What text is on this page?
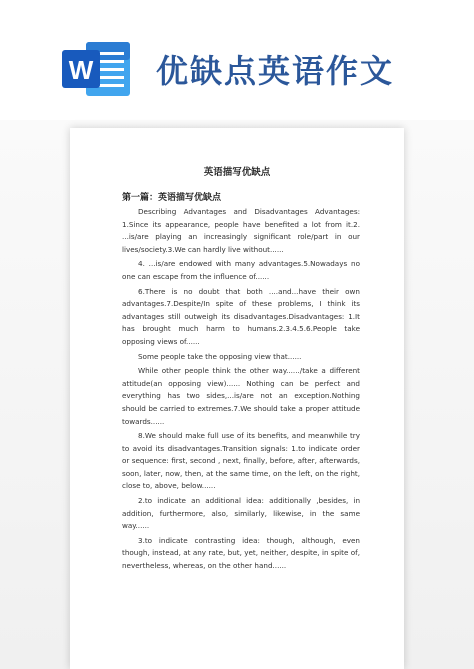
W 优缺点英语作文
英语描写优缺点
第一篇：英语描写优缺点

Describing Advantages and Disadvantages Advantages: 1.Since its appearance, people have benefited a lot from it.2. ...is/are playing an increasingly significant role/part in our lives/society.3.We can hardly live without......

4. ...is/are endowed with many advantages.5.Nowadays no one can escape from the influence of......

6.There is no doubt that both ....and...have their own advantages.7.Despite/In spite of these problems, I think its advantages still outweigh its disadvantages.Disadvantages: 1.It has brought much harm to humans.2.3.4.5.6.People take opposing views of......

Some people take the opposing view that......

While other people think the other way....../take a different attitude(an opposing view)...... Nothing can be perfect and everything has two sides,...is/are not an exception.Nothing should be carried to extremes.7.We should take a proper attitude towards......

8.We should make full use of its benefits, and meanwhile try to avoid its disadvantages.Transition signals: 1.to indicate order or sequence: first, second , next, finally, before, after, afterwards, soon, later, now, then, at the same time, on the left, on the right, close to, above, below......

2.to indicate an additional idea: additionally ,besides, in addition, furthermore, also, similarly, likewise, in the same way......

3.to indicate contrasting idea: though, although, even though, instead, at any rate, but, yet, neither, despite, in spite of, nevertheless, whereas, on the other hand......
